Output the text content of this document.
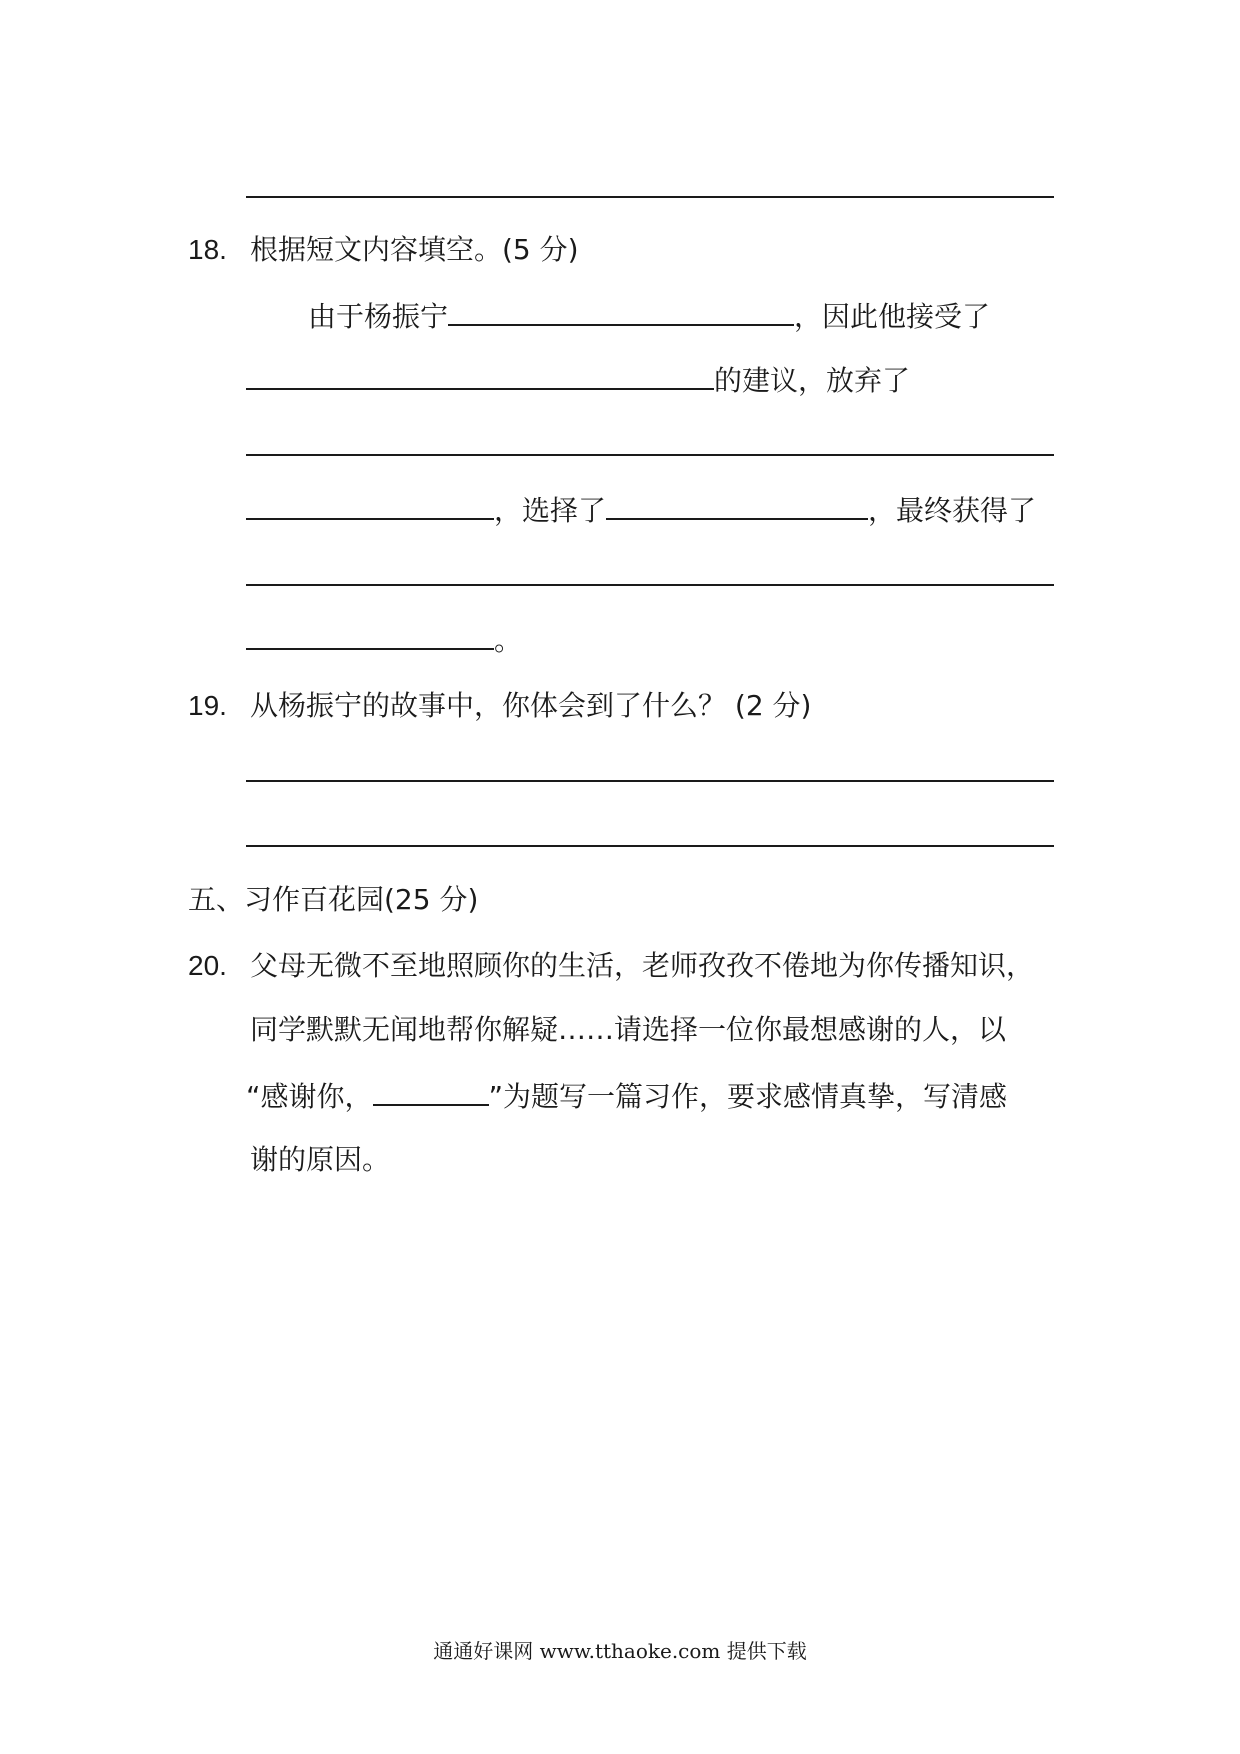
18. 根据短文内容填空。(5 分)
由于杨振宁	，因此他接受了
的建议，放弃了
，选择了	，最终获得了
。
19. 从杨振宁的故事中，你体会到了什么？ (2 分)
五、习作百花园(25 分)
20. 父母无微不至地照顾你的生活，老师孜孜不倦地为你传播知识，
同学默默无闻地帮你解疑……请选择一位你最想感谢的人，以
“感谢你，	”为题写一篇习作，要求感情真挚，写清感
谢的原因。
通通好课网 www.tthaoke.com 提供下载
